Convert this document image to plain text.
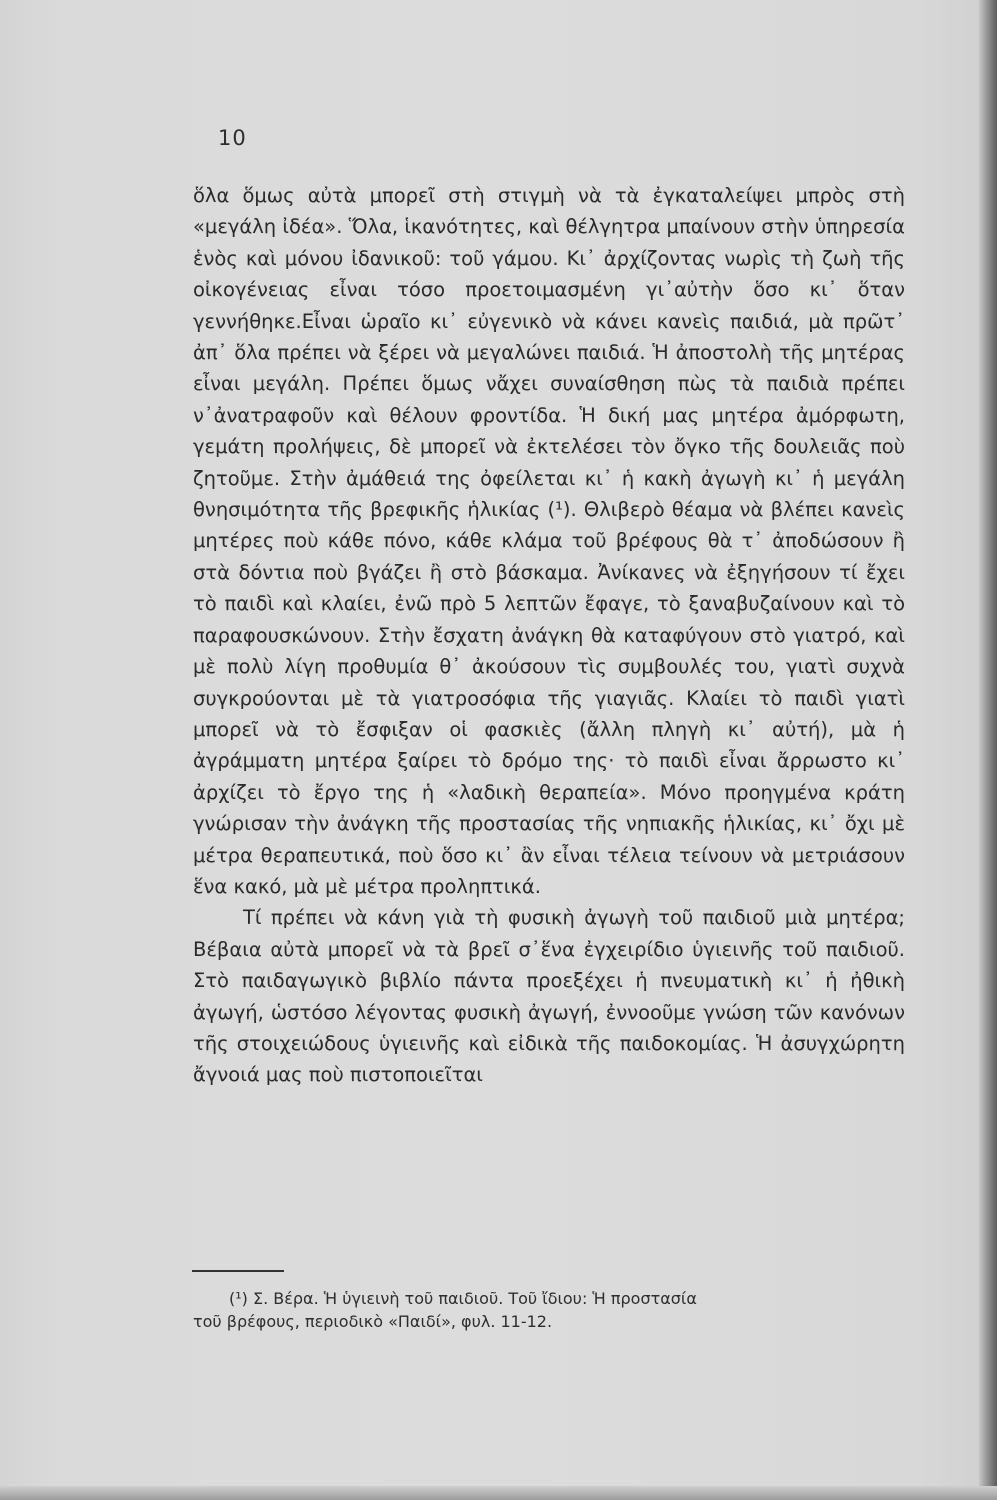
10

ὅλα ὅμως αὐτὰ μπορεῖ στὴ στιγμὴ νὰ τὰ ἐγκαταλείψει μπρὸς στὴ «μεγάλη ἰδέα». Ὅλα, ἱκανότητες, καὶ θέλγητρα μπαίνουν στὴν ὑπηρεσία ἑνὸς καὶ μόνου ἰδανικοῦ: τοῦ γάμου. Κι᾽ ἀρχίζοντας νωρὶς τὴ ζωὴ τῆς οἰκογένειας εἶναι τόσο προετοιμασμένη γι᾽αὐτὴν ὅσο κι᾽ ὅταν γεννήθηκε.Εἶναι ὡραῖο κι᾽ εὐγενικὸ νὰ κάνει κανεὶς παιδιά, μὰ πρῶτ᾽ ἀπ᾽ ὅλα πρέπει νὰ ξέρει νὰ μεγαλώνει παιδιά. Ἡ ἀποστολὴ τῆς μητέρας εἶναι μεγάλη. Πρέπει ὅμως νἄχει συναίσθηση πὼς τὰ παιδιὰ πρέπει ν᾽ἀνατραφοῦν καὶ θέλουν φροντίδα. Ἡ δική μας μητέρα ἀμόρφωτη, γεμάτη προλήψεις, δὲ μπορεῖ νὰ ἐκτελέσει τὸν ὄγκο τῆς δουλειᾶς ποὺ ζητοῦμε. Στὴν ἀμάθειά της ὀφείλεται κι᾽ ἡ κακὴ ἀγωγὴ κι᾽ ἡ μεγάλη θνησιμότητα τῆς βρεφικῆς ἡλικίας (¹). Θλιβερὸ θέαμα νὰ βλέπει κανεὶς μητέρες ποὺ κάθε πόνο, κάθε κλάμα τοῦ βρέφους θὰ τ᾽ ἀποδώσουν ἢ στὰ δόντια ποὺ βγάζει ἢ στὸ βάσκαμα. Ἀνίκανες νὰ ἐξηγήσουν τί ἔχει τὸ παιδὶ καὶ κλαίει, ἐνῶ πρὸ 5 λεπτῶν ἔφαγε, τὸ ξαναβυζαίνουν καὶ τὸ παραφουσκώνουν. Στὴν ἔσχατη ἀνάγκη θὰ καταφύγουν στὸ γιατρό, καὶ μὲ πολὺ λίγη προθυμία θ᾽ ἀκούσουν τὶς συμβουλές του, γιατὶ συχνὰ συγκρούονται μὲ τὰ γιατροσόφια τῆς γιαγιᾶς. Κλαίει τὸ παιδὶ γιατὶ μπορεῖ νὰ τὸ ἔσφιξαν οἱ φασκιὲς (ἄλλη πληγὴ κι᾽ αὐτή), μὰ ἡ ἀγράμματη μητέρα ξαίρει τὸ δρόμο της· τὸ παιδὶ εἶναι ἄρρωστο κι᾽ ἀρχίζει τὸ ἔργο της ἡ «λαδικὴ θεραπεία». Μόνο προηγμένα κράτη γνώρισαν τὴν ἀνάγκη τῆς προστασίας τῆς νηπιακῆς ἡλικίας, κι᾽ ὄχι μὲ μέτρα θεραπευτικά, ποὺ ὅσο κι᾽ ἂν εἶναι τέλεια τείνουν νὰ μετριάσουν ἕνα κακό, μὰ μὲ μέτρα προληπτικά.

Τί πρέπει νὰ κάνη γιὰ τὴ φυσικὴ ἀγωγὴ τοῦ παιδιοῦ μιὰ μητέρα; Βέβαια αὐτὰ μπορεῖ νὰ τὰ βρεῖ σ᾽ἕνα ἐγχειρίδιο ὑγιεινῆς τοῦ παιδιοῦ. Στὸ παιδαγωγικὸ βιβλίο πάντα προεξέχει ἡ πνευματικὴ κι᾽ ἡ ἠθικὴ ἀγωγή, ὡστόσο λέγοντας φυσικὴ ἀγωγή, ἐννοοῦμε γνώση τῶν κανόνων τῆς στοιχειώδους ὑγιεινῆς καὶ εἰδικὰ τῆς παιδοκομίας. Ἡ ἀσυγχώρητη ἄγνοιά μας ποὺ πιστοποιεῖται

(¹) Σ. Βέρα. Ἡ ὑγιεινὴ τοῦ παιδιοῦ. Τοῦ ἴδιου: Ἡ προστασία
τοῦ βρέφους, περιοδικὸ «Παιδί», φυλ. 11-12.
